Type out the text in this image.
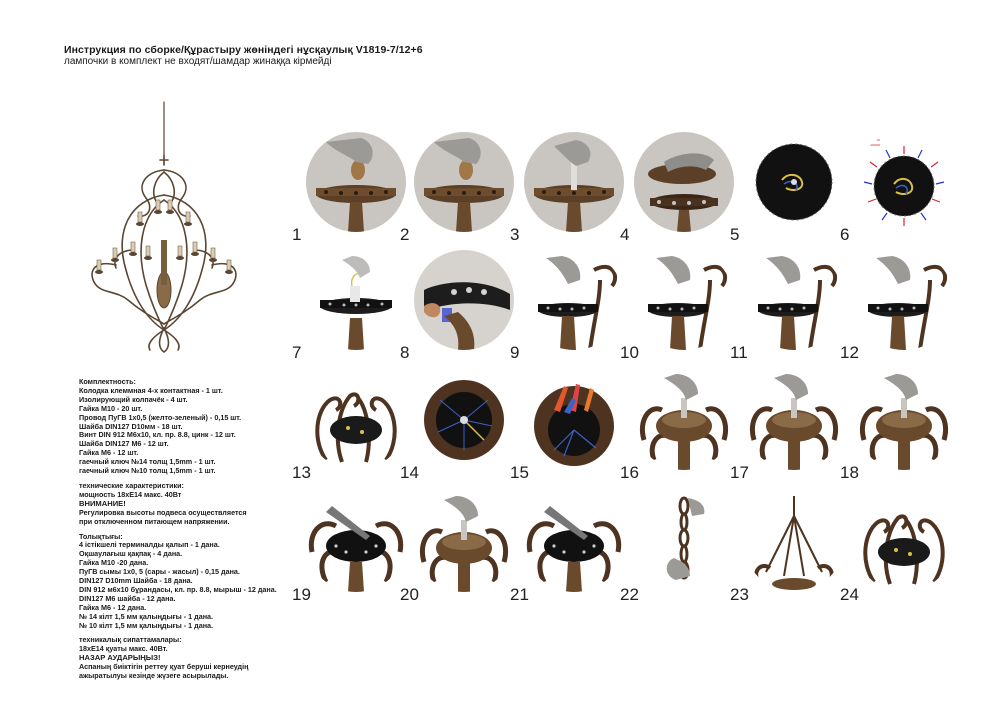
Инструкция по сборке/Құрастыру жөніндегі нұсқаулық V1819-7/12+6
лампочки в комплект не входят/шамдар жинаққа кірмейді
Комплектность:
Колодка клеммная 4-х контактная - 1 шт.
Изолирующий колпачёк - 4 шт.
Гайка М10 - 20 шт.
Провод ПуГВ 1х0,5 (желто-зеленый) - 0,15 шт.
Шайба DIN127 D10мм - 18 шт.
Винт DIN 912 М6х10, кл. пр. 8.8, цинк - 12 шт.
Шайба DIN127 М6 - 12 шт.
Гайка М6 - 12 шт.
гаечный ключ №14 толщ 1,5mm - 1 шт.
гаечный ключ №10 толщ 1,5mm - 1 шт.
технические характеристики:
мощность 18хЕ14 макс. 40Вт
ВНИМАНИЕ!
Регулировка высоты подвеса осуществляется
при отключенном питающем напряжении.
Толықтығы:
4 істікшелі терминалды қалып - 1 дана.
Оқшаулағыш қақпақ - 4 дана.
Гайка М10 -20 дана.
ПуГВ сымы 1х0, 5 (сары - жасыл) - 0,15 дана.
DIN127 D10mm Шайба - 18 дана.
DIN 912 м6х10 бұрандасы, кл. пр. 8.8, мырыш - 12 дана.
DIN127 M6 шайба - 12 дана.
Гайка М6 - 12 дана.
№ 14 кілт 1,5 мм қалыңдығы - 1 дана.
№ 10 кілт 1,5 мм қалыңдығы - 1 дана.
техникалық сипаттамалары:
18хЕ14 қуаты макс. 40Вт.
НАЗАР АУДАРЫҢЫЗ!
Аспаның биіктігін реттеу қуат беруші кернеудің
ажыратылуы кезінде жүзеге асырылады.
1	2	3	4	5	6
7	8	9	10	11	12
13	14	15	16	17	18
19	20	21	22	23	24
